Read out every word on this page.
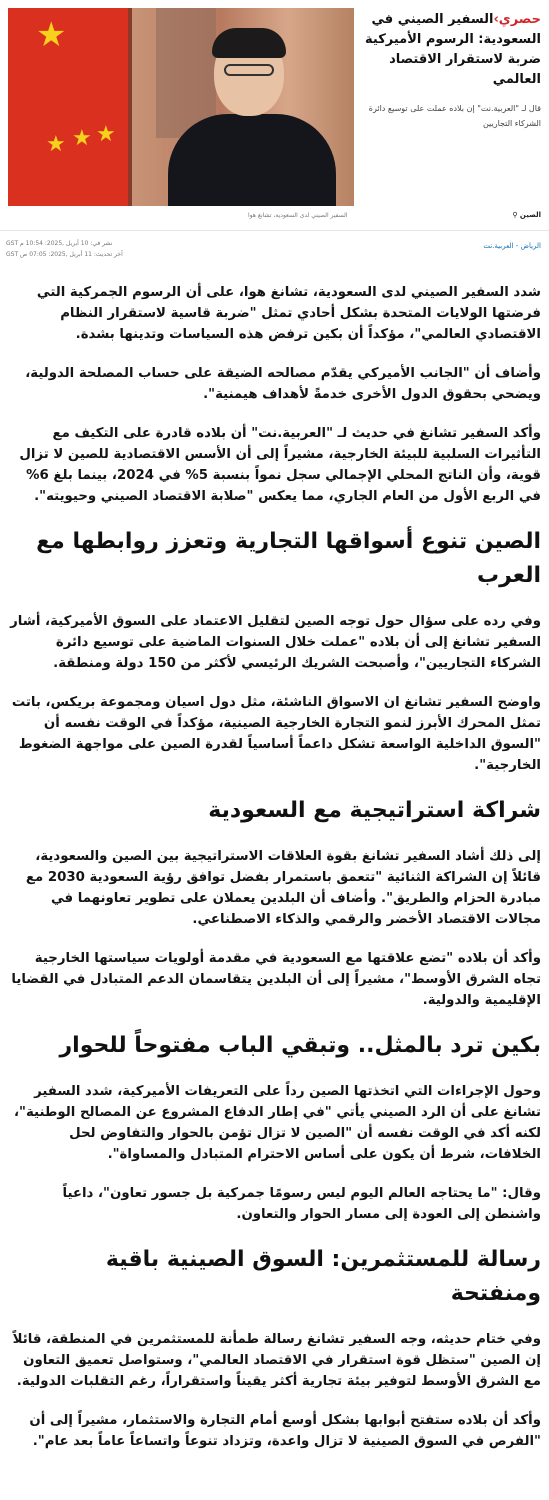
★
★
★ ★
حصري›السفير الصيني في السعودية: الرسوم الأميركية ضربة لاستقرار الاقتصاد العالمي
قال لـ "العربية.نت" إن بلاده عملت على توسيع دائرة الشركاء التجاريين
السفير الصيني لدى السعودية، تشانغ هوا	الصين ⚲
نشر في: 10 أبريل ,2025: 10:54 م GST
آخر تحديث: 11 أبريل ,2025: 07:05 ص GST
الرياض - العربية.نت

شدد السفير الصيني لدى السعودية، تشانغ هوا، على أن الرسوم الجمركية التي فرضتها الولايات المتحدة بشكل أحادي تمثل "ضربة قاسية لاستقرار النظام الاقتصادي العالمي"، مؤكداً أن بكين ترفض هذه السياسات وتدينها بشدة.

وأضاف أن "الجانب الأميركي يقدّم مصالحه الضيقة على حساب المصلحة الدولية، ويضحي بحقوق الدول الأخرى خدمةً لأهداف هيمنية".

وأكد السفير تشانغ في حديث لـ "العربية.نت" أن بلاده قادرة على التكيف مع التأثيرات السلبية للبيئة الخارجية، مشيراً إلى أن الأسس الاقتصادية للصين لا تزال قوية، وأن الناتج المحلي الإجمالي سجل نمواً بنسبة 5% في 2024، بينما بلغ 6% في الربع الأول من العام الجاري، مما يعكس "صلابة الاقتصاد الصيني وحيويته".

الصين تنوع أسواقها التجارية وتعزز روابطها مع العرب

وفي رده على سؤال حول توجه الصين لتقليل الاعتماد على السوق الأميركية، أشار السفير تشانغ إلى أن بلاده "عملت خلال السنوات الماضية على توسيع دائرة الشركاء التجاريين"، وأصبحت الشريك الرئيسي لأكثر من 150 دولة ومنطقة.

واوضح السفير تشانغ ان الاسواق الناشئة، مثل دول اسيان ومجموعة بريكس، باتت تمثل المحرك الأبرز لنمو التجارة الخارجية الصينية، مؤكداً في الوقت نفسه أن "السوق الداخلية الواسعة تشكل داعماً أساسياً لقدرة الصين على مواجهة الضغوط الخارجية".

شراكة استراتيجية مع السعودية

إلى ذلك أشاد السفير تشانغ بقوة العلاقات الاستراتيجية بين الصين والسعودية، قائلاً إن الشراكة الثنائية "تتعمق باستمرار بفضل توافق رؤية السعودية 2030 مع مبادرة الحزام والطريق". وأضاف أن البلدين يعملان على تطوير تعاونهما في مجالات الاقتصاد الأخضر والرقمي والذكاء الاصطناعي.

وأكد أن بلاده "تضع علاقتها مع السعودية في مقدمة أولويات سياستها الخارجية تجاه الشرق الأوسط"، مشيراً إلى أن البلدين يتقاسمان الدعم المتبادل في القضايا الإقليمية والدولية.

بكين ترد بالمثل.. وتبقي الباب مفتوحاً للحوار

وحول الإجراءات التي اتخذتها الصين رداً على التعريفات الأميركية، شدد السفير تشانغ على أن الرد الصيني يأتي "في إطار الدفاع المشروع عن المصالح الوطنية"، لكنه أكد في الوقت نفسه أن "الصين لا تزال تؤمن بالحوار والتفاوض لحل الخلافات، شرط أن يكون على أساس الاحترام المتبادل والمساواة".

وقال: "ما يحتاجه العالم اليوم ليس رسومًا جمركية بل جسور تعاون"، داعياً واشنطن إلى العودة إلى مسار الحوار والتعاون.

رسالة للمستثمرين: السوق الصينية باقية ومنفتحة

وفي ختام حديثه، وجه السفير تشانغ رسالة طمأنة للمستثمرين في المنطقة، قائلاً إن الصين "ستظل قوة استقرار في الاقتصاد العالمي"، وستواصل تعميق التعاون مع الشرق الأوسط لتوفير بيئة تجارية أكثر يقيناً واستقراراً، رغم التقلبات الدولية.

وأكد أن بلاده ستفتح أبوابها بشكل أوسع أمام التجارة والاستثمار، مشيراً إلى أن "الفرص في السوق الصينية لا تزال واعدة، وتزداد تنوعاً واتساعاً عاماً بعد عام".
